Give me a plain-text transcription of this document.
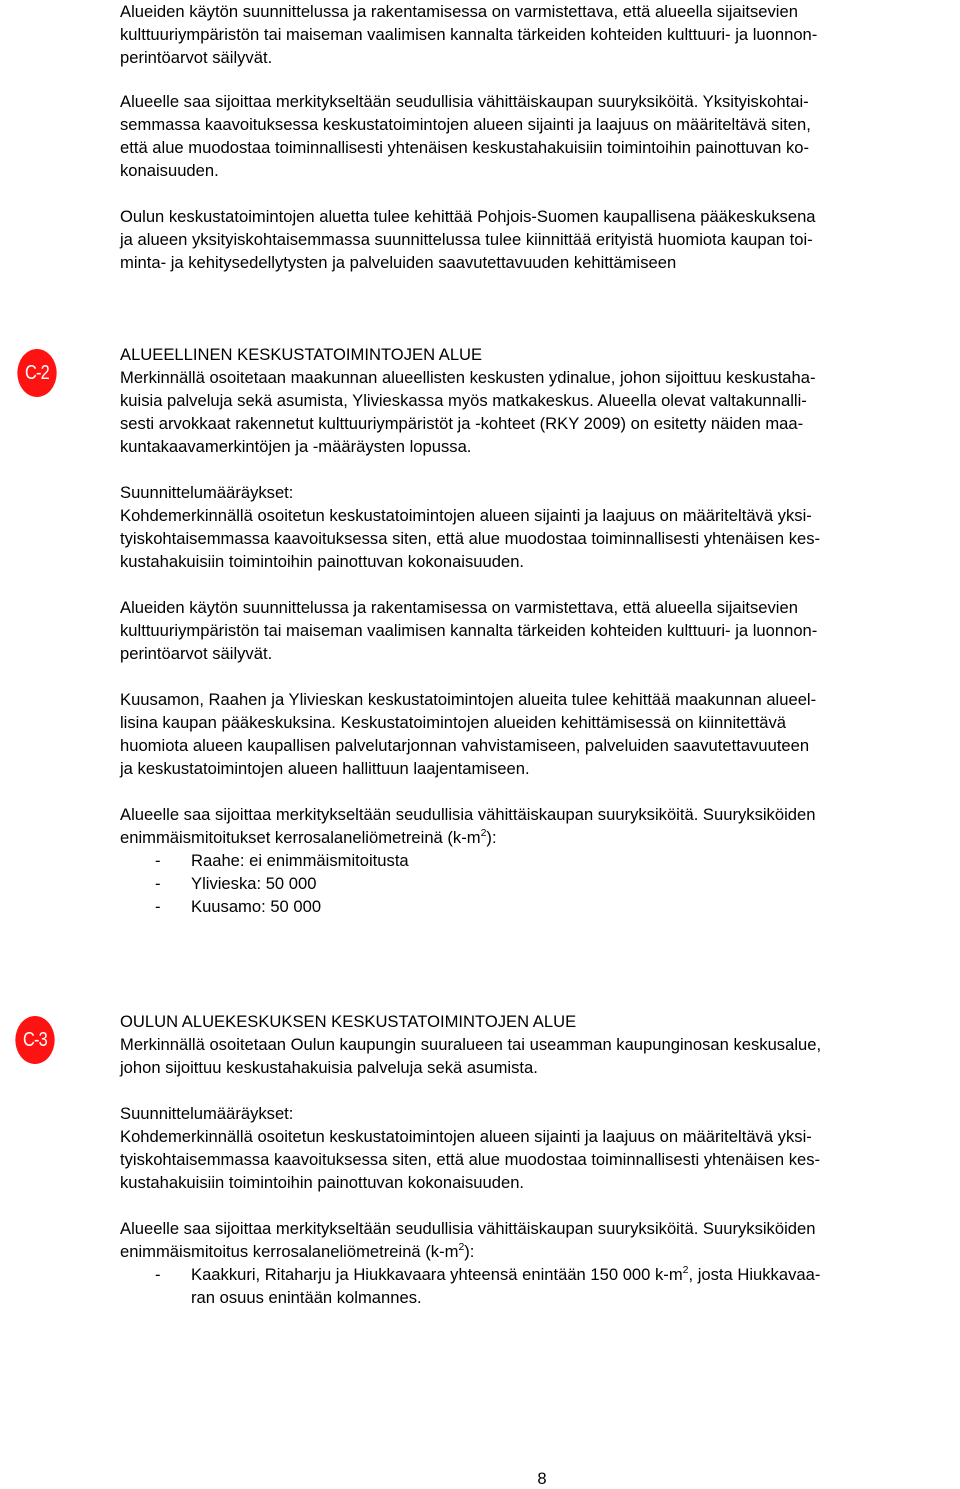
Alueiden käytön suunnittelussa ja rakentamisessa on varmistettava, että alueella sijaitsevien
kulttuuriympäristön tai maiseman vaalimisen kannalta tärkeiden kohteiden kulttuuri- ja luonnon-
perintöarvot säilyvät.

Alueelle saa sijoittaa merkitykseltään seudullisia vähittäiskaupan suuryksiköitä. Yksityiskohtai-
semmassa kaavoituksessa keskustatoimintojen alueen sijainti ja laajuus on määriteltävä siten,
että alue muodostaa toiminnallisesti yhtenäisen keskustahakuisiin toimintoihin painottuvan ko-
konaisuuden.

Oulun keskustatoimintojen aluetta tulee kehittää Pohjois-Suomen kaupallisena pääkeskuksena
ja alueen yksityiskohtaisemmassa suunnittelussa tulee kiinnittää erityistä huomiota kaupan toi-
minta- ja kehitysedellytysten ja palveluiden saavutettavuuden kehittämiseen

C-2

ALUEELLINEN KESKUSTATOIMINTOJEN ALUE

Merkinnällä osoitetaan maakunnan alueellisten keskusten ydinalue, johon sijoittuu keskustaha-
kuisia palveluja sekä asumista, Ylivieskassa myös matkakeskus. Alueella olevat valtakunnalli-
sesti arvokkaat rakennetut kulttuuriympäristöt ja -kohteet (RKY 2009) on esitetty näiden maa-
kuntakaavamerkintöjen ja -määräysten lopussa.

Suunnittelumääräykset:

Kohdemerkinnällä osoitetun keskustatoimintojen alueen sijainti ja laajuus on määriteltävä yksi-
tyiskohtaisemmassa kaavoituksessa siten, että alue muodostaa toiminnallisesti yhtenäisen kes-
kustahakuisiin toimintoihin painottuvan kokonaisuuden.

Alueiden käytön suunnittelussa ja rakentamisessa on varmistettava, että alueella sijaitsevien
kulttuuriympäristön tai maiseman vaalimisen kannalta tärkeiden kohteiden kulttuuri- ja luonnon-
perintöarvot säilyvät.

Kuusamon, Raahen ja Ylivieskan keskustatoimintojen alueita tulee kehittää maakunnan alueel-
lisina kaupan pääkeskuksina. Keskustatoimintojen alueiden kehittämisessä on kiinnitettävä
huomiota alueen kaupallisen palvelutarjonnan vahvistamiseen, palveluiden saavutettavuuteen
ja keskustatoimintojen alueen hallittuun laajentamiseen.

Alueelle saa sijoittaa merkitykseltään seudullisia vähittäiskaupan suuryksiköitä. Suuryksiköiden

enimmäismitoitukset kerrosalaneliömetreinä $(k-m^2)$:

- Raahe: ei enimmäismitoitusta
- Ylivieska: 50 000
- Kuusamo: 50 000
C-3

OULUN ALUEKESKUKSEN KESKUSTATOIMINTOJEN ALUE

Merkinnällä osoitetaan Oulun kaupungin suuralueen tai useamman kaupunginosan keskusalue,
johon sijoittuu keskustahakuisia palveluja sekä asumista.

Suunnittelumääräykset:

Kohdemerkinnällä osoitetun keskustatoimintojen alueen sijainti ja laajuus on määriteltävä yksi-
tyiskohtaisemmassa kaavoituksessa siten, että alue muodostaa toiminnallisesti yhtenäisen kes-
kustahakuisiin toimintoihin painottuvan kokonaisuuden.

Alueelle saa sijoittaa merkitykseltään seudullisia vähittäiskaupan suuryksiköitä. Suuryksiköiden

enimmäismitoitus kerrosalaneliömetreinä $(k-m^2)$:

- Kaakkuri, Ritaharju ja Hiukkavaara yhteensä enintään 150 000 $k-m^2$, josta Hiukkavaa-
ran osuus enintään kolmannes.
8
